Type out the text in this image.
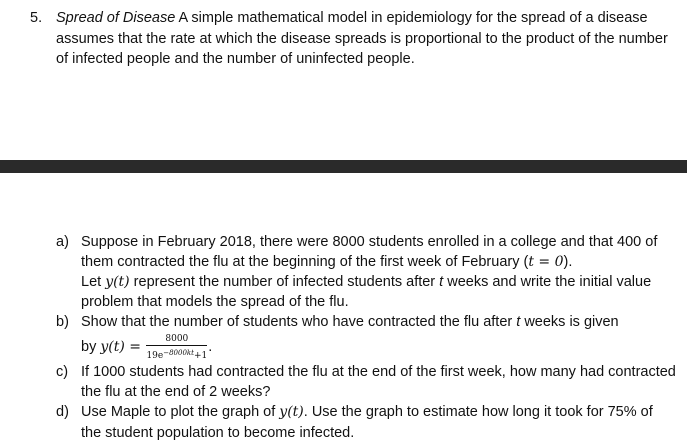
5. Spread of Disease A simple mathematical model in epidemiology for the spread of a disease assumes that the rate at which the disease spreads is proportional to the product of the number of infected people and the number of uninfected people.
a) Suppose in February 2018, there were 8000 students enrolled in a college and that 400 of them contracted the flu at the beginning of the first week of February (t = 0).
Let y(t) represent the number of infected students after t weeks and write the initial value problem that models the spread of the flu.
b) Show that the number of students who have contracted the flu after t weeks is given
by $y(t) = \frac{8000}{19e^{-8000kt}+1}$ .
c) If 1000 students had contracted the flu at the end of the first week, how many had contracted the flu at the end of 2 weeks?
d) Use Maple to plot the graph of y(t). Use the graph to estimate how long it took for 75% of the student population to become infected.
